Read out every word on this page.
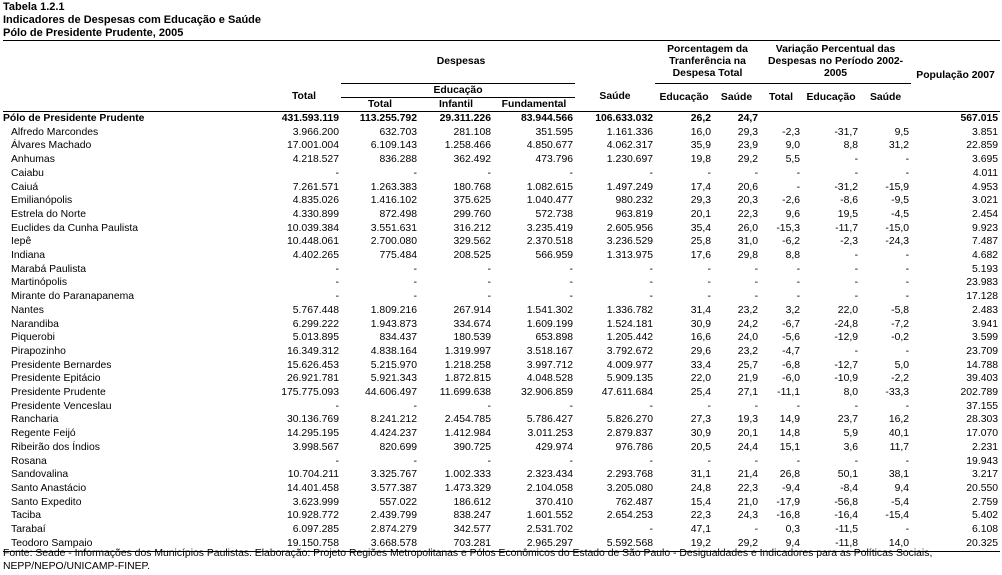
Tabela 1.2.1
Indicadores de Despesas com Educação e Saúde
Pólo de Presidente Prudente, 2005
	Despesas					Porcentagem da Tranferência na Despesa Total		Variação Percentual das Despesas no Período 2002-2005			População 2007
	Total	Educação			Saúde	Educação	Saúde	Total	Educação	Saúde	
		Total	Infantil	Fundamental							
Pólo de Presidente Prudente	431.593.119	113.255.792	29.311.226	83.944.566	106.633.032	26,2	24,7				567.015
Alfredo Marcondes	3.966.200	632.703	281.108	351.595	1.161.336	16,0	29,3	-2,3	-31,7	9,5	3.851
Álvares Machado	17.001.004	6.109.143	1.258.466	4.850.677	4.062.317	35,9	23,9	9,0	8,8	31,2	22.859
Anhumas	4.218.527	836.288	362.492	473.796	1.230.697	19,8	29,2	5,5	-	-	3.695
Caiabu	-	-	-	-	-	-	-	-	-	-	4.011
Caiuá	7.261.571	1.263.383	180.768	1.082.615	1.497.249	17,4	20,6	-	-31,2	-15,9	4.953
Emilianópolis	4.835.026	1.416.102	375.625	1.040.477	980.232	29,3	20,3	-2,6	-8,6	-9,5	3.021
Estrela do Norte	4.330.899	872.498	299.760	572.738	963.819	20,1	22,3	9,6	19,5	-4,5	2.454
Euclides da Cunha Paulista	10.039.384	3.551.631	316.212	3.235.419	2.605.956	35,4	26,0	-15,3	-11,7	-15,0	9.923
Iepê	10.448.061	2.700.080	329.562	2.370.518	3.236.529	25,8	31,0	-6,2	-2,3	-24,3	7.487
Indiana	4.402.265	775.484	208.525	566.959	1.313.975	17,6	29,8	8,8	-	-	4.682
Marabá Paulista	-	-	-	-	-	-	-	-	-	-	5.193
Martinópolis	-	-	-	-	-	-	-	-	-	-	23.983
Mirante do Paranapanema	-	-	-	-	-	-	-	-	-	-	17.128
Nantes	5.767.448	1.809.216	267.914	1.541.302	1.336.782	31,4	23,2	3,2	22,0	-5,8	2.483
Narandiba	6.299.222	1.943.873	334.674	1.609.199	1.524.181	30,9	24,2	-6,7	-24,8	-7,2	3.941
Piquerobi	5.013.895	834.437	180.539	653.898	1.205.442	16,6	24,0	-5,6	-12,9	-0,2	3.599
Pirapozinho	16.349.312	4.838.164	1.319.997	3.518.167	3.792.672	29,6	23,2	-4,7	-	-	23.709
Presidente Bernardes	15.626.453	5.215.970	1.218.258	3.997.712	4.009.977	33,4	25,7	-6,8	-12,7	5,0	14.788
Presidente Epitácio	26.921.781	5.921.343	1.872.815	4.048.528	5.909.135	22,0	21,9	-6,0	-10,9	-2,2	39.403
Presidente Prudente	175.775.093	44.606.497	11.699.638	32.906.859	47.611.684	25,4	27,1	-11,1	8,0	-33,3	202.789
Presidente Venceslau	-	-	-	-	-	-	-	-	-	-	37.155
Rancharia	30.136.769	8.241.212	2.454.785	5.786.427	5.826.270	27,3	19,3	14,9	23,7	16,2	28.303
Regente Feijó	14.295.195	4.424.237	1.412.984	3.011.253	2.879.837	30,9	20,1	14,8	5,9	40,1	17.070
Ribeirão dos Índios	3.998.567	820.699	390.725	429.974	976.786	20,5	24,4	15,1	3,6	11,7	2.231
Rosana	-	-	-	-	-	-	-	-	-	-	19.943
Sandovalina	10.704.211	3.325.767	1.002.333	2.323.434	2.293.768	31,1	21,4	26,8	50,1	38,1	3.217
Santo Anastácio	14.401.458	3.577.387	1.473.329	2.104.058	3.205.080	24,8	22,3	-9,4	-8,4	9,4	20.550
Santo Expedito	3.623.999	557.022	186.612	370.410	762.487	15,4	21,0	-17,9	-56,8	-5,4	2.759
Taciba	10.928.772	2.439.799	838.247	1.601.552	2.654.253	22,3	24,3	-16,8	-16,4	-15,4	5.402
Tarabaí	6.097.285	2.874.279	342.577	2.531.702	-	47,1	-	0,3	-11,5	-	6.108
Teodoro Sampaio	19.150.758	3.668.578	703.281	2.965.297	5.592.568	19,2	29,2	9,4	-11,8	14,0	20.325
Fonte: Seade - Informações dos Municípios Paulistas. Elaboração: Projeto Regiões Metropolitanas e Pólos Econômicos do Estado de São Paulo - Desigualdades e Indicadores para as Políticas Sociais, NEPP/NEPO/UNICAMP-FINEP.
